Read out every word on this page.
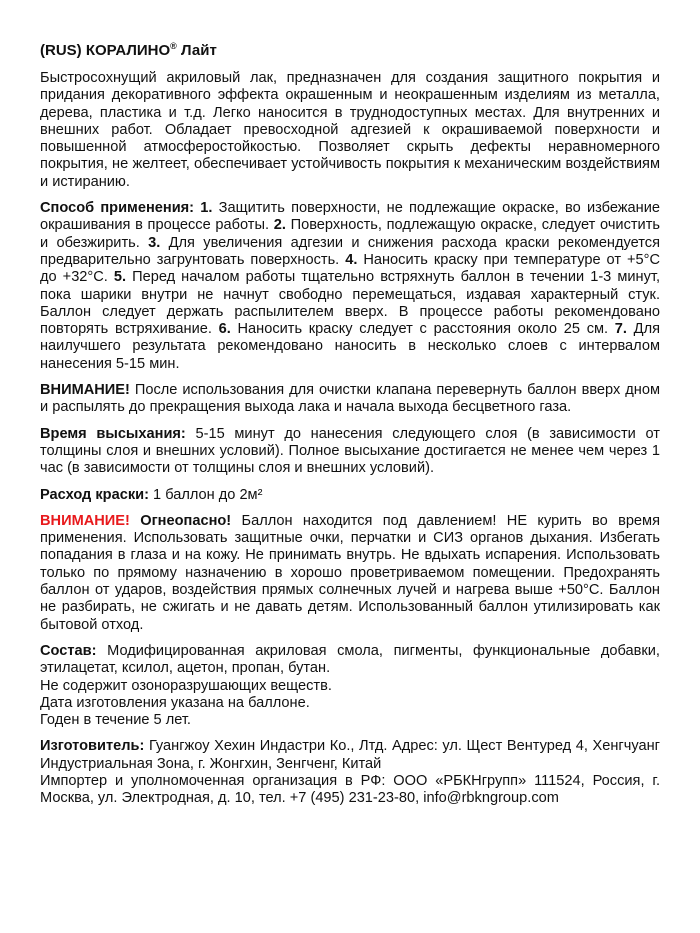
(RUS) КОРАЛИНО® Лайт

Быстросохнущий акриловый лак, предназначен для создания защитного покрытия и придания декоративного эффекта окрашенным и неокрашенным изделиям из металла, дерева, пластика и т.д. Легко наносится в труднодоступных местах. Для внутренних и внешних работ. Обладает превосходной адгезией к окрашиваемой поверхности и повышенной атмосферостойкостью. Позволяет скрыть дефекты неравномерного покрытия, не желтеет, обеспечивает устойчивость покрытия к механическим воздействиям и истиранию.

Способ применения: 1. Защитить поверхности, не подлежащие окраске, во избежание окрашивания в процессе работы. 2. Поверхность, подлежащую окраске, следует очистить и обезжирить. 3. Для увеличения адгезии и снижения расхода краски рекомендуется предварительно загрунтовать поверхность. 4. Наносить краску при температуре от +5°С до +32°С. 5. Перед началом работы тщательно встряхнуть баллон в течении 1-3 минут, пока шарики внутри не начнут свободно перемещаться, издавая характерный стук. Баллон следует держать распылителем вверх. В процессе работы рекомендовано повторять встряхивание. 6. Наносить краску следует с расстояния около 25 см. 7. Для наилучшего результата рекомендовано наносить в несколько слоев с интервалом нанесения 5-15 мин.

ВНИМАНИЕ! После использования для очистки клапана перевернуть баллон вверх дном и распылять до прекращения выхода лака и начала выхода бесцветного газа.

Время высыхания: 5-15 минут до нанесения следующего слоя (в зависимости от толщины слоя и внешних условий). Полное высыхание достигается не менее чем через 1 час (в зависимости от толщины слоя и внешних условий).

Расход краски: 1 баллон до 2м²

ВНИМАНИЕ! Огнеопасно! Баллон находится под давлением! НЕ курить во время применения. Использовать защитные очки, перчатки и СИЗ органов дыхания. Избегать попадания в глаза и на кожу. Не принимать внутрь. Не вдыхать испарения. Использовать только по прямому назначению в хорошо проветриваемом помещении. Предохранять баллон от ударов, воздействия прямых солнечных лучей и нагрева выше +50°С. Баллон не разбирать, не сжигать и не давать детям. Использованный баллон утилизировать как бытовой отход.

Состав: Модифицированная акриловая смола, пигменты, функциональные добавки, этилацетат, ксилол, ацетон, пропан, бутан.

Не содержит озоноразрушающих веществ.

Дата изготовления указана на баллоне.

Годен в течение 5 лет.

Изготовитель: Гуангжоу Хехин Индастри Ко., Лтд. Адрес: ул. Щест Вентуред 4, Хенгчуанг Индустриальная Зона, г. Жонгхин, Зенгченг, Китай

Импортер и уполномоченная организация в РФ: ООО «РБКНгрупп» 111524, Россия, г. Москва, ул. Электродная, д. 10, тел. +7 (495) 231-23-80, info@rbkngroup.com
